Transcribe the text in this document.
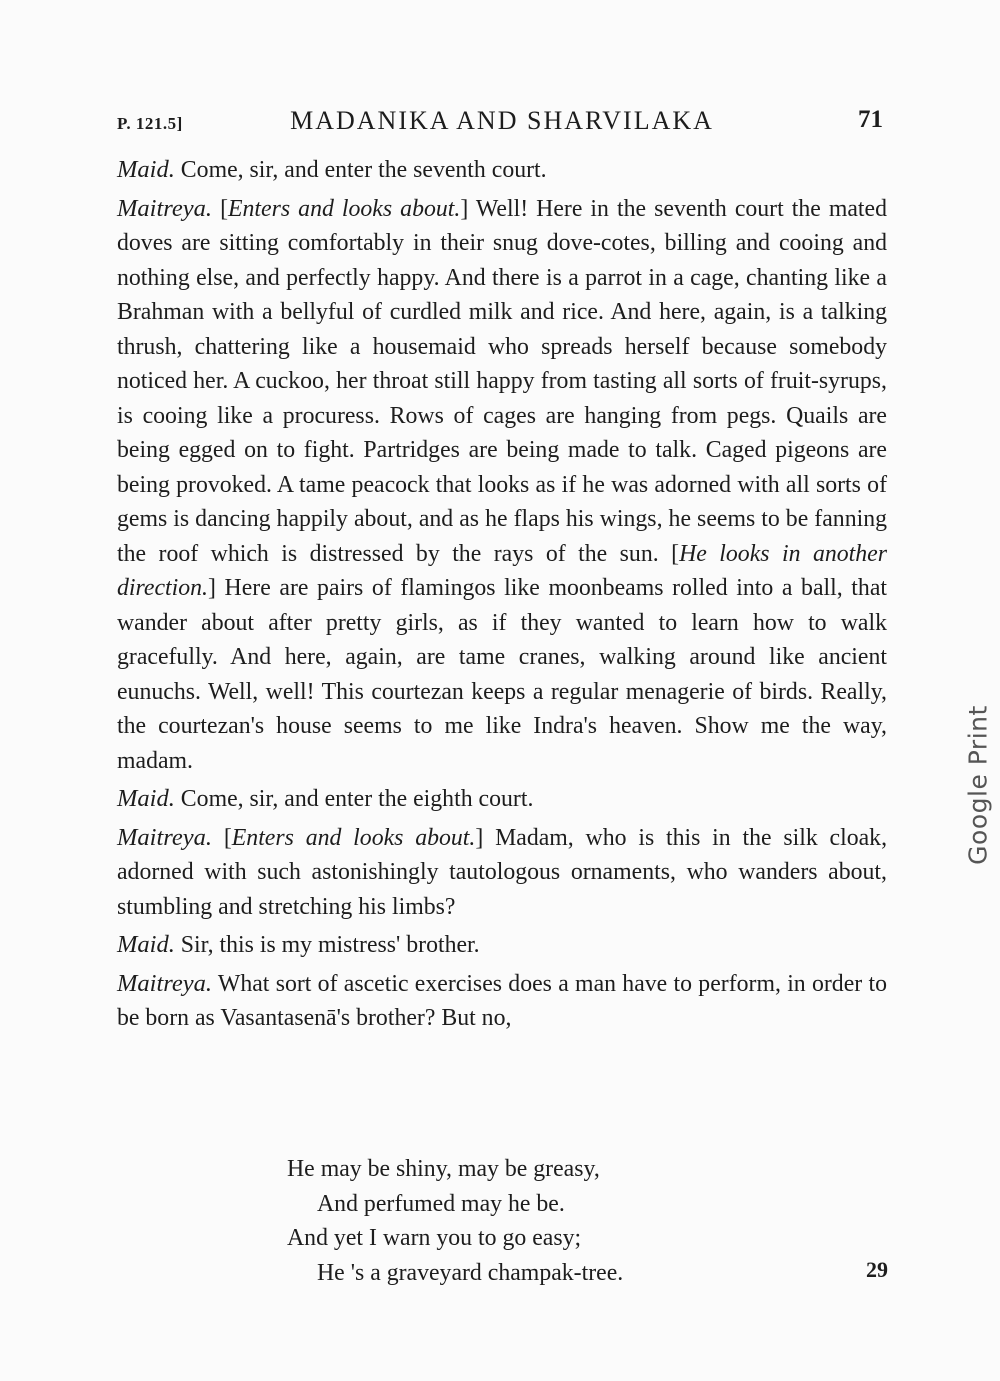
P. 121.5]	MADANIKA AND SHARVILAKA	71

Maid. Come, sir, and enter the seventh court.

Maitreya. [Enters and looks about.] Well! Here in the seventh court the mated doves are sitting comfortably in their snug dove-cotes, billing and cooing and nothing else, and perfectly happy. And there is a parrot in a cage, chanting like a Brahman with a bellyful of curdled milk and rice. And here, again, is a talking thrush, chattering like a housemaid who spreads herself because somebody noticed her. A cuckoo, her throat still happy from tasting all sorts of fruit-syrups, is cooing like a procuress. Rows of cages are hanging from pegs. Quails are being egged on to fight. Partridges are being made to talk. Caged pigeons are being provoked. A tame peacock that looks as if he was adorned with all sorts of gems is dancing happily about, and as he flaps his wings, he seems to be fanning the roof which is distressed by the rays of the sun. [He looks in another direction.] Here are pairs of flamingos like moonbeams rolled into a ball, that wander about after pretty girls, as if they wanted to learn how to walk gracefully. And here, again, are tame cranes, walking around like ancient eunuchs. Well, well! This courtezan keeps a regular menagerie of birds. Really, the courtezan's house seems to me like Indra's heaven. Show me the way, madam.

Maid. Come, sir, and enter the eighth court.

Maitreya. [Enters and looks about.] Madam, who is this in the silk cloak, adorned with such astonishingly tautologous ornaments, who wanders about, stumbling and stretching his limbs?

Maid. Sir, this is my mistress' brother.

Maitreya. What sort of ascetic exercises does a man have to perform, in order to be born as Vasantasenā's brother? But no,

He may be shiny, may be greasy,
And perfumed may he be.
And yet I warn you to go easy;
He 's a graveyard champak-tree.	29
Google Print
